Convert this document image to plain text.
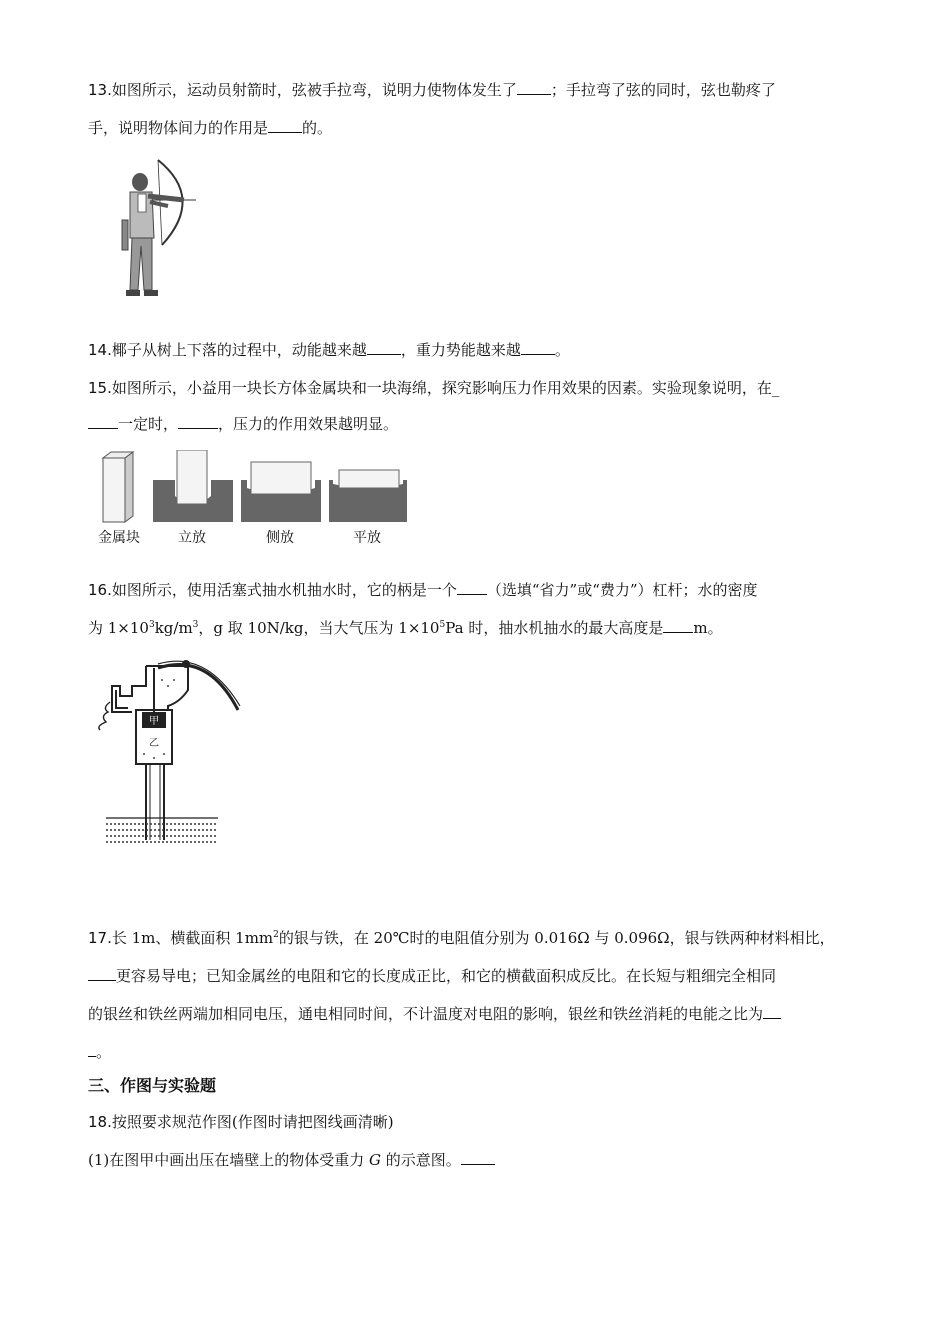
13.如图所示，运动员射箭时，弦被手拉弯，说明力使物体发生了 ；手拉弯了弦的同时，弦也勒疼了
手，说明物体间力的作用是 的。
14.椰子从树上下落的过程中，动能越来越 ，重力势能越来越 。
15.如图所示，小益用一块长方体金属块和一块海绵，探究影响压力作用效果的因素。实验现象说明，在_
一定时，	，压力的作用效果越明显。
金属块	立放	侧放	平放
16.如图所示，使用活塞式抽水机抽水时，它的柄是一个 （选填“省力”或“费力”）杠杆；水的密度
为 $1\times 10^3kg/m^3$，g 取 10N/kg，当大气压为 $1\times 10^5Pa$ 时，抽水机抽水的最大高度是 m。
甲
乙
17.长 1m、横截面积 $1mm^2$的银与铁，在 20℃时的电阻值分别为 0.016Ω 与 0.096Ω，银与铁两种材料相比，
更容易导电；已知金属丝的电阻和它的长度成正比，和它的横截面积成反比。在长短与粗细完全相同
的银丝和铁丝两端加相同电压，通电相同时间，不计温度对电阻的影响，银丝和铁丝消耗的电能之比为
。
三、作图与实验题
18.按照要求规范作图(作图时请把图线画清晰)
(1)在图甲中画出压在墙壁上的物体受重力 G 的示意图。
